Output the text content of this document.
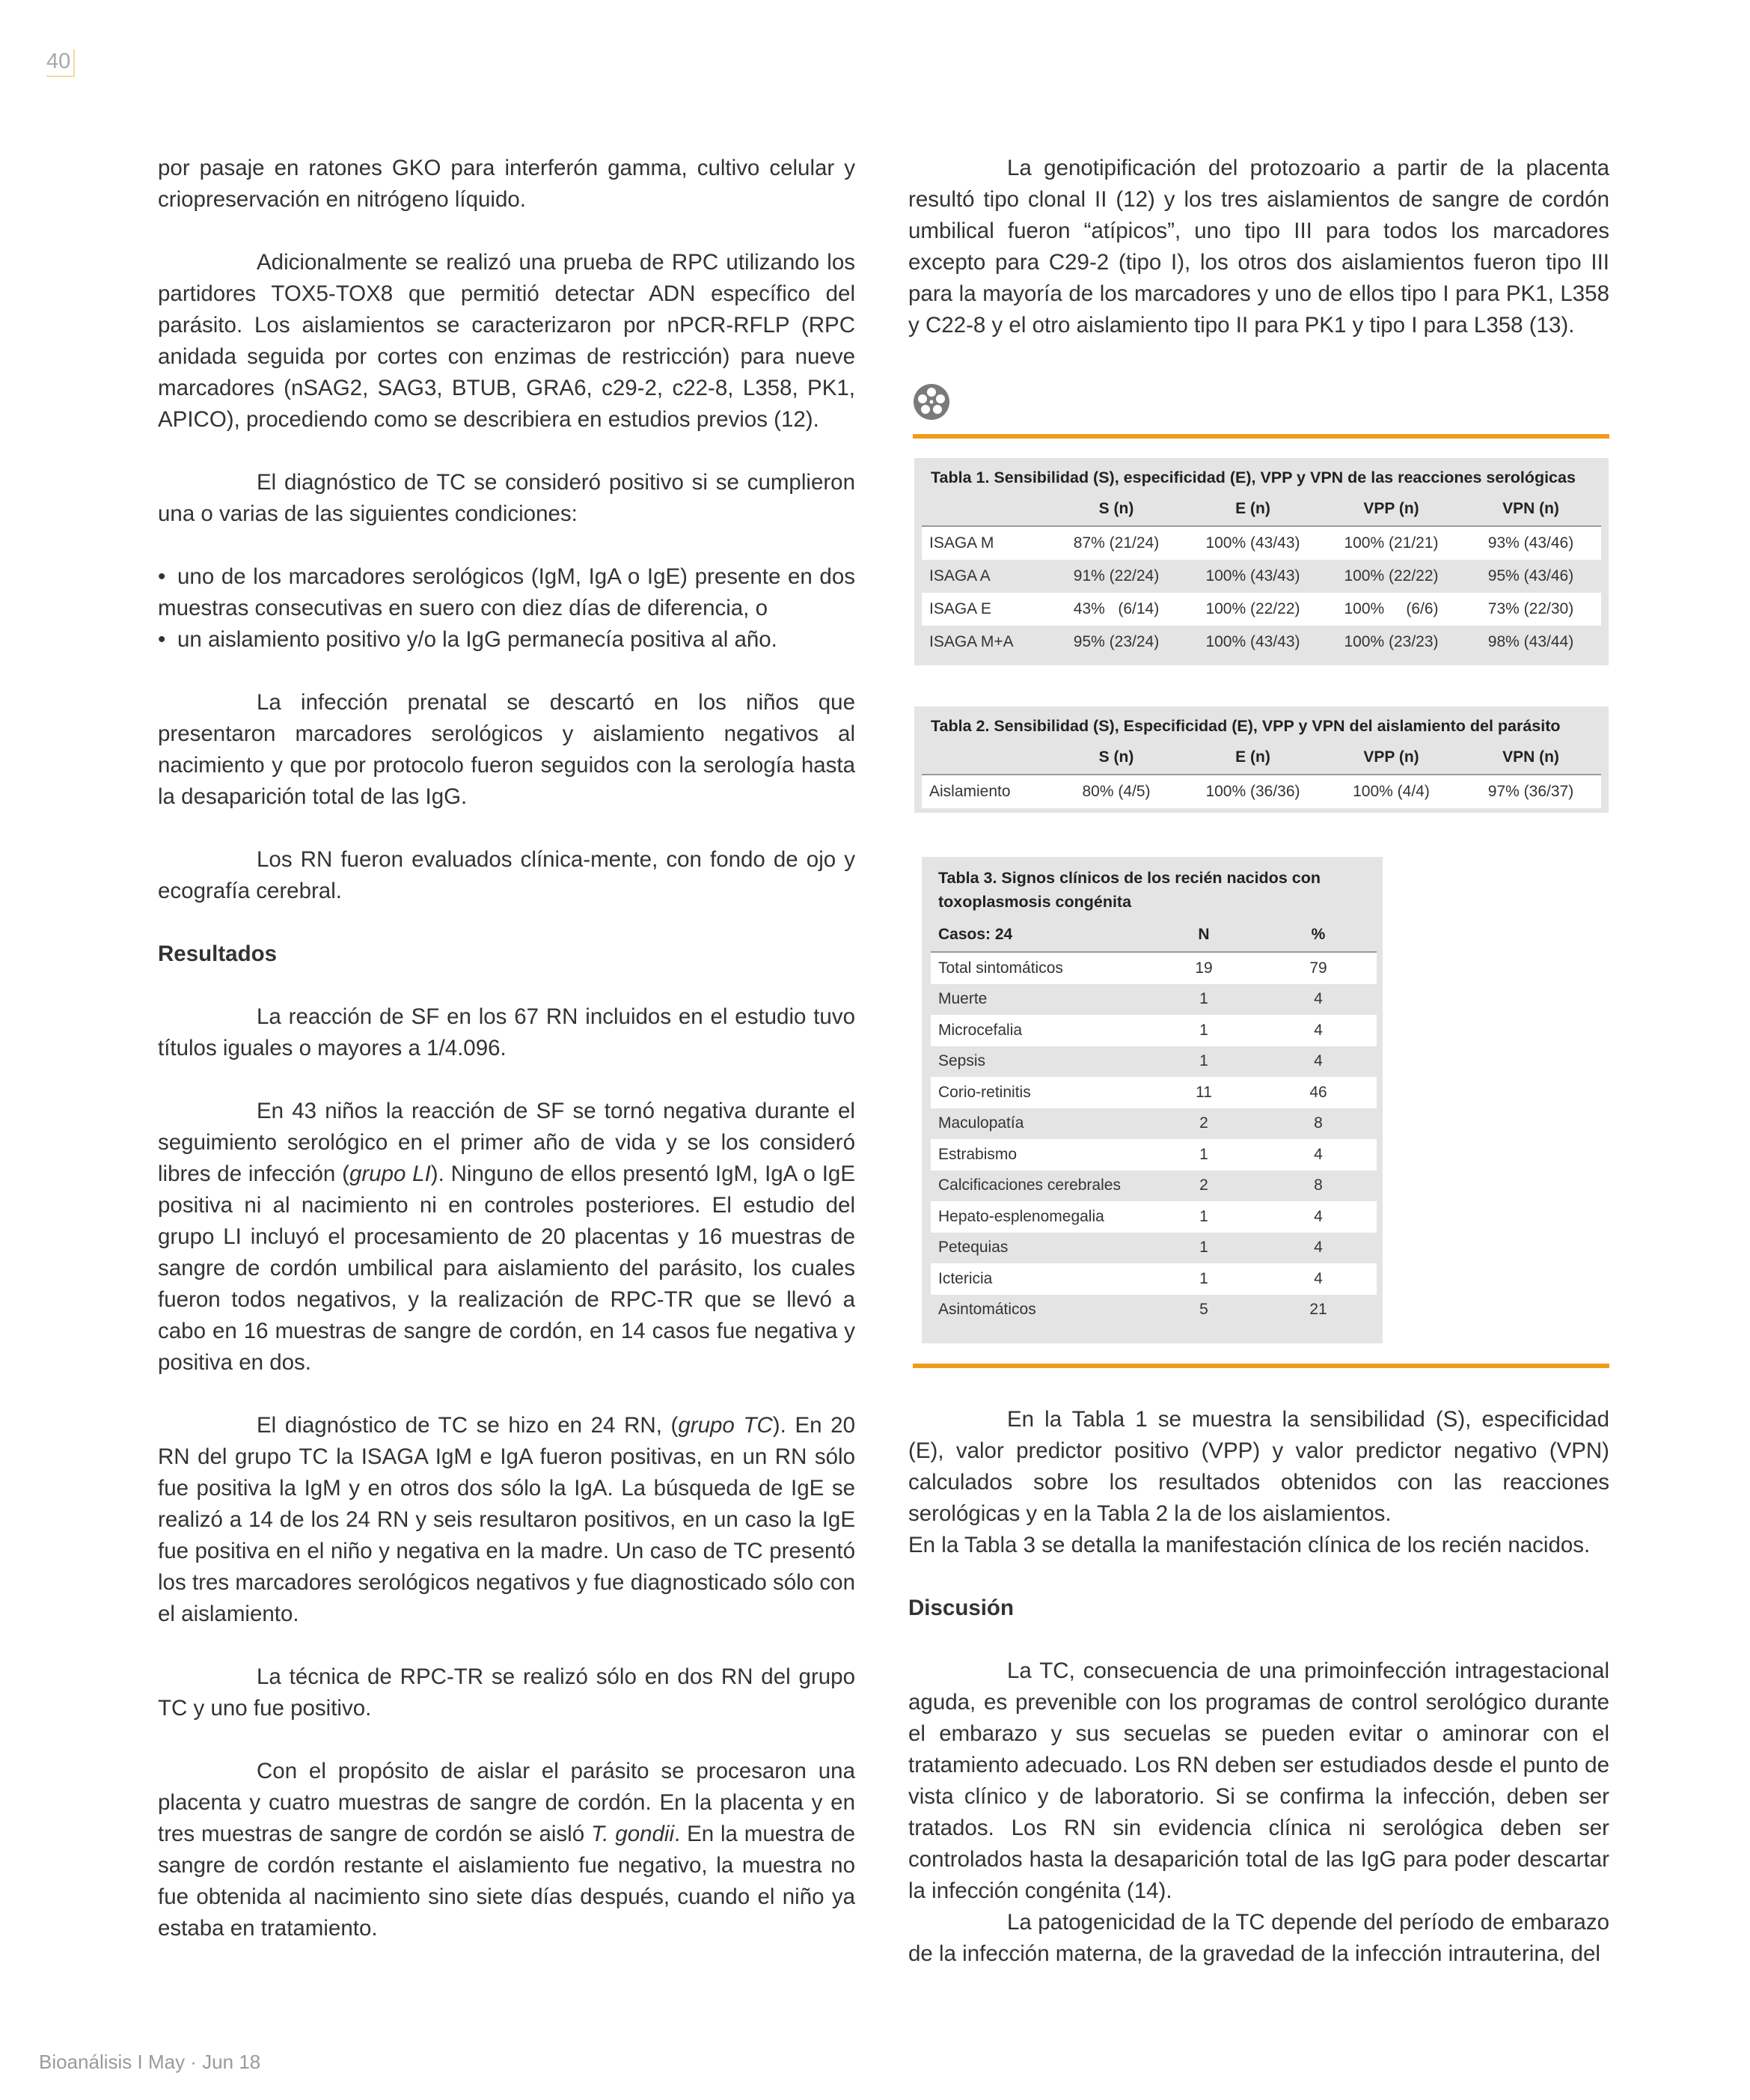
40

por pasaje en ratones GKO para interferón gamma, cultivo celular y criopreservación en nitrógeno líquido.

Adicionalmente se realizó una prueba de RPC utilizando los partidores TOX5-TOX8 que permitió detectar ADN específico del parásito. Los aislamientos se caracterizaron por nPCR-RFLP (RPC anidada seguida por cortes con enzimas de restricción) para nueve marcadores (nSAG2, SAG3, BTUB, GRA6, c29-2, c22-8, L358, PK1, APICO), procediendo como se describiera en estudios previos (12).

El diagnóstico de TC se consideró positivo si se cumplieron una o varias de las siguientes condiciones:

• uno de los marcadores serológicos (IgM, IgA o IgE) presente en dos muestras consecutivas en suero con diez días de diferencia, o

• un aislamiento positivo y/o la IgG permanecía positiva al año.

La infección prenatal se descartó en los niños que presentaron marcadores serológicos y aislamiento negativos al nacimiento y que por protocolo fueron seguidos con la serología hasta la desaparición total de las IgG.

Los RN fueron evaluados clínica-mente, con fondo de ojo y ecografía cerebral.

Resultados

La reacción de SF en los 67 RN incluidos en el estudio tuvo títulos iguales o mayores a 1/4.096.

En 43 niños la reacción de SF se tornó negativa durante el seguimiento serológico en el primer año de vida y se los consideró libres de infección (grupo LI). Ninguno de ellos presentó IgM, IgA o IgE positiva ni al nacimiento ni en controles posteriores. El estudio del grupo LI incluyó el procesamiento de 20 placentas y 16 muestras de sangre de cordón umbilical para aislamiento del parásito, los cuales fueron todos negativos, y la realización de RPC-TR que se llevó a cabo en 16 muestras de sangre de cordón, en 14 casos fue negativa y positiva en dos.

El diagnóstico de TC se hizo en 24 RN, (grupo TC). En 20 RN del grupo TC la ISAGA IgM e IgA fueron positivas, en un RN sólo fue positiva la IgM y en otros dos sólo la IgA. La búsqueda de IgE se realizó a 14 de los 24 RN y seis resultaron positivos, en un caso la IgE fue positiva en el niño y negativa en la madre. Un caso de TC presentó los tres marcadores serológicos negativos y fue diagnosticado sólo con el aislamiento.

La técnica de RPC-TR se realizó sólo en dos RN del grupo TC y uno fue positivo.

Con el propósito de aislar el parásito se procesaron una placenta y cuatro muestras de sangre de cordón. En la placenta y en tres muestras de sangre de cordón se aisló T. gondii. En la muestra de sangre de cordón restante el aislamiento fue negativo, la muestra no fue obtenida al nacimiento sino siete días después, cuando el niño ya estaba en tratamiento.

La genotipificación del protozoario a partir de la placenta resultó tipo clonal II (12) y los tres aislamientos de sangre de cordón umbilical fueron “atípicos”, uno tipo III para todos los marcadores excepto para C29-2 (tipo I), los otros dos aislamientos fueron tipo III para la mayoría de los marcadores y uno de ellos tipo I para PK1, L358 y C22-8 y el otro aislamiento tipo II para PK1 y tipo I para L358 (13).

Tabla 1. Sensibilidad (S), especificidad (E), VPP y VPN de las reacciones serológicas
	S (n)	E (n)	VPP (n)	VPN (n)
ISAGA M	87% (21/24)	100% (43/43)	100% (21/21)	93% (43/46)
ISAGA A	91% (22/24)	100% (43/43)	100% (22/22)	95% (43/46)
ISAGA E	43%   (6/14)	100% (22/22)	100%     (6/6)	73% (22/30)
ISAGA M+A	95% (23/24)	100% (43/43)	100% (23/23)	98% (43/44)
Tabla 2. Sensibilidad (S), Especificidad (E), VPP y VPN del aislamiento del parásito
	S (n)	E (n)	VPP (n)	VPN (n)
Aislamiento	80% (4/5)	100% (36/36)	100% (4/4)	97% (36/37)
Tabla 3. Signos clínicos de los recién nacidos con
toxoplasmosis congénita
Casos: 24	N	%
Total sintomáticos	19	79
Muerte	1	4
Microcefalia	1	4
Sepsis	1	4
Corio-retinitis	11	46
Maculopatía	2	8
Estrabismo	1	4
Calcificaciones cerebrales	2	8
Hepato-esplenomegalia	1	4
Petequias	1	4
Ictericia	1	4
Asintomáticos	5	21

En la Tabla 1 se muestra la sensibilidad (S), especificidad (E), valor predictor positivo (VPP) y valor predictor negativo (VPN) calculados sobre los resultados obtenidos con las reacciones serológicas y en la Tabla 2 la de los aislamientos.

En la Tabla 3 se detalla la manifestación clínica de los recién nacidos.

Discusión

La TC, consecuencia de una primoinfección intragestacional aguda, es prevenible con los programas de control serológico durante el embarazo y sus secuelas se pueden evitar o aminorar con el tratamiento adecuado. Los RN deben ser estudiados desde el punto de vista clínico y de laboratorio. Si se confirma la infección, deben ser tratados. Los RN sin evidencia clínica ni serológica deben ser controlados hasta la desaparición total de las IgG para poder descartar la infección congénita (14).

La patogenicidad de la TC depende del período de embarazo de la infección materna, de la gravedad de la infección intrauterina, del

Bioanálisis I May · Jun 18
